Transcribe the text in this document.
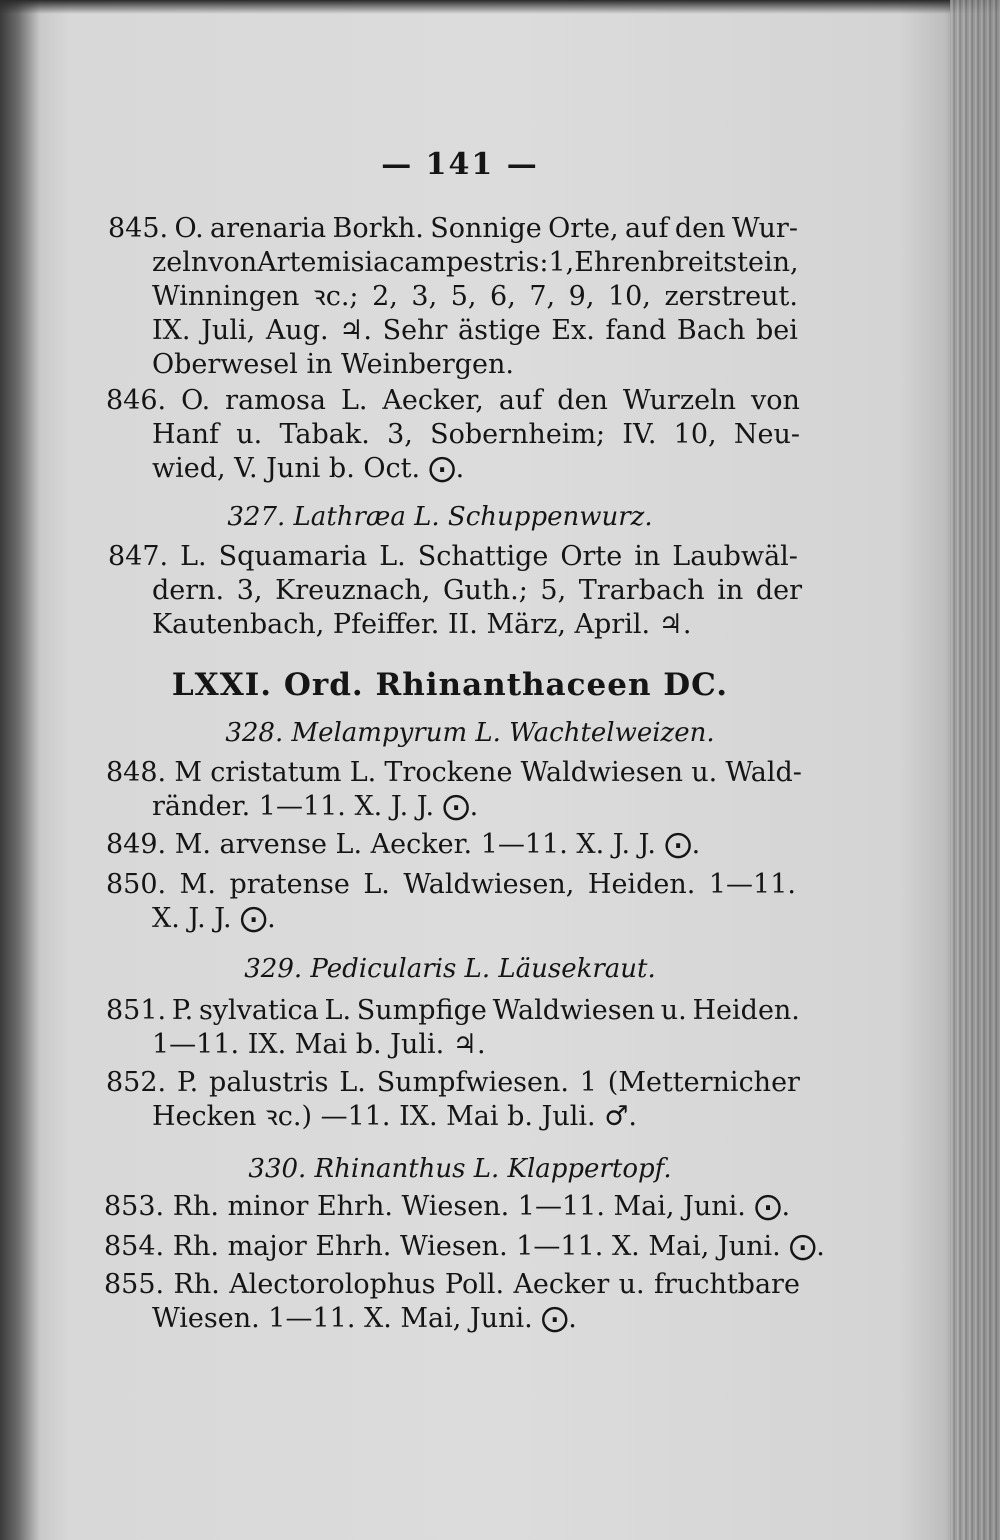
— 141 —
845. O. arenaria Borkh. Sonnige Orte, auf den Wur-
zeln von Artemisia campestris: 1, Ehrenbreitstein,
Winningen ꝛc.; 2, 3, 5, 6, 7, 9, 10, zerstreut.
IX. Juli, Aug. ♃. Sehr ästige Ex. fand Bach bei
Oberwesel in Weinbergen.
846. O. ramosa L. Aecker, auf den Wurzeln von
Hanf u. Tabak. 3, Sobernheim; IV. 10, Neu-
wied, V. Juni b. Oct. ⨀.
327. Lathræa L. Schuppenwurz.
847. L. Squamaria L. Schattige Orte in Laubwäl-
dern. 3, Kreuznach, Guth.; 5, Trarbach in der
Kautenbach, Pfeiffer. II. März, April. ♃.
LXXI. Ord. Rhinanthaceen DC.
328. Melampyrum L. Wachtelweizen.
848. M cristatum L. Trockene Waldwiesen u. Wald-
ränder. 1—11. X. J. J. ⨀.
849. M. arvense L. Aecker. 1—11. X. J. J. ⨀.
850. M. pratense L. Waldwiesen, Heiden. 1—11.
X. J. J. ⨀.
329. Pedicularis L. Läusekraut.
851. P. sylvatica L. Sumpfige Waldwiesen u. Heiden.
1—11. IX. Mai b. Juli. ♃.
852. P. palustris L. Sumpfwiesen. 1 (Metternicher
Hecken ꝛc.) —11. IX. Mai b. Juli. ♂.
330. Rhinanthus L. Klappertopf.
853. Rh. minor Ehrh. Wiesen. 1—11. Mai, Juni. ⨀.
854. Rh. major Ehrh. Wiesen. 1—11. X. Mai, Juni. ⨀.
855. Rh. Alectorolophus Poll. Aecker u. fruchtbare
Wiesen. 1—11. X. Mai, Juni. ⨀.
